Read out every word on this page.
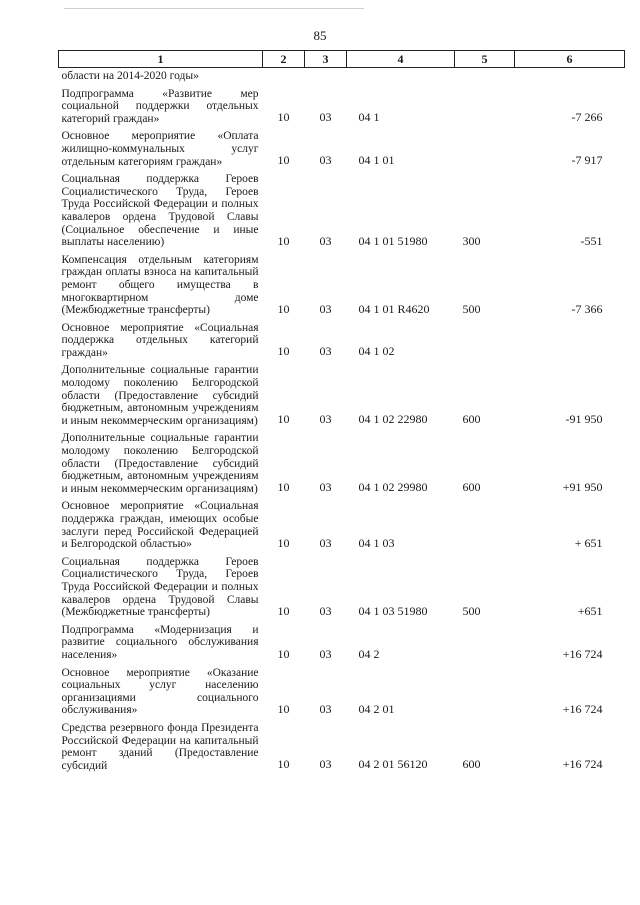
85
1	2	3	4	5	6
области на 2014-2020 годы»					
Подпрограмма «Развитие мер социальной поддержки отдельных категорий граждан»	10	03	04 1		-7 266
Основное мероприятие «Оплата жилищно-коммунальных услуг отдельным категориям граждан»	10	03	04 1 01		-7 917
Социальная поддержка Героев Социалистического Труда, Героев Труда Российской Федерации и полных кавалеров ордена Трудовой Славы (Социальное обеспечение и иные выплаты населению)	10	03	04 1 01 51980	300	-551
Компенсация отдельным категориям граждан оплаты взноса на капитальный ремонт общего имущества в многоквартирном доме (Межбюджетные трансферты)	10	03	04 1 01 R4620	500	-7 366
Основное мероприятие «Социальная поддержка отдельных категорий граждан»	10	03	04 1 02		
Дополнительные социальные гарантии молодому поколению Белгородской области (Предоставление субсидий бюджетным, автономным учреждениям и иным некоммерческим организациям)	10	03	04 1 02 22980	600	-91 950
Дополнительные социальные гарантии молодому поколению Белгородской области (Предоставление субсидий бюджетным, автономным учреждениям и иным некоммерческим организациям)	10	03	04 1 02 29980	600	+91 950
Основное мероприятие «Социальная поддержка граждан, имеющих особые заслуги перед Российской Федерацией и Белгородской областью»	10	03	04 1 03		+ 651
Социальная поддержка Героев Социалистического Труда, Героев Труда Российской Федерации и полных кавалеров ордена Трудовой Славы (Межбюджетные трансферты)	10	03	04 1 03 51980	500	+651
Подпрограмма «Модернизация и развитие социального обслуживания населения»	10	03	04 2		+16 724
Основное мероприятие «Оказание социальных услуг населению организациями социального обслуживания»	10	03	04 2 01		+16 724
Средства резервного фонда Президента Российской Федерации на капитальный ремонт зданий (Предоставление субсидий	10	03	04 2 01 56120	600	+16 724
